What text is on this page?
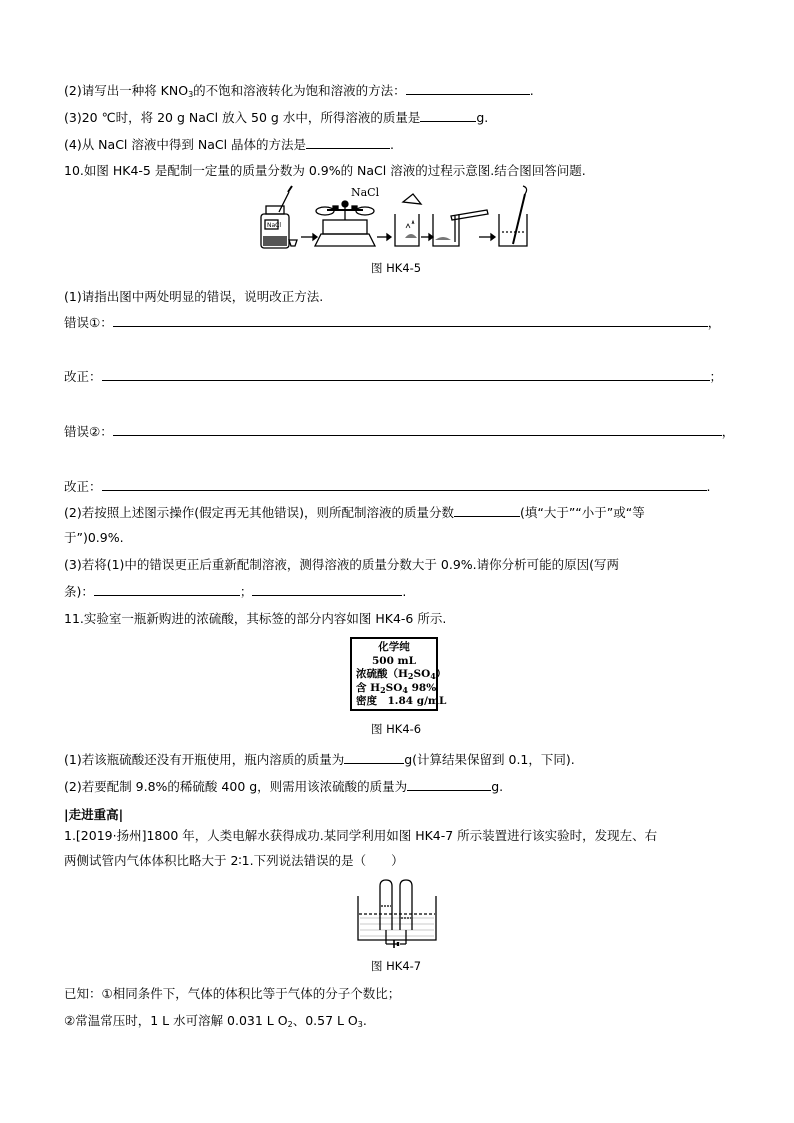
(2)请写出一种将 $KNO_3$的不饱和溶液转化为饱和溶液的方法：	.
(3)20 ℃时，将 20 g NaCl 放入 50 g 水中，所得溶液的质量是	g.
(4)从 NaCl 溶液中得到 NaCl 晶体的方法是	.
10.如图 HK4-5 是配制一定量的质量分数为 0.9%的 NaCl 溶液的过程示意图.结合图回答问题.
NaCl
NaCl
图 HK4-5
(1)请指出图中两处明显的错误，说明改正方法.
错误①：	，
改正：	；
错误②：	，
改正：	.
(2)若按照上述图示操作(假定再无其他错误)，则所配制溶液的质量分数	(填“大于”“小于”或“等
于”)0.9%.
(3)若将(1)中的错误更正后重新配制溶液，测得溶液的质量分数大于 0.9%.请你分析可能的原因(写两
条)：	；	.
11.实验室一瓶新购进的浓硫酸，其标签的部分内容如图 HK4-6 所示.
化学纯
500 mL
浓硫酸$(H_2SO_4)$
含 $H_2SO_4$ 98%
密度　1.84 g/mL
图 HK4-6
(1)若该瓶硫酸还没有开瓶使用，瓶内溶质的质量为	g(计算结果保留到 0.1，下同).
(2)若要配制 9.8%的稀硫酸 400 g，则需用该浓硫酸的质量为	g.
|走进重高|
1.[2019·扬州]1800 年，人类电解水获得成功.某同学利用如图 HK4-7 所示装置进行该实验时，发现左、右
两侧试管内气体体积比略大于 2∶1.下列说法错误的是（　　）
图 HK4-7
已知：①相同条件下，气体的体积比等于气体的分子个数比；
②常温常压时，1 L 水可溶解 0.031 L $O_2$、0.57 L $O_3$.
